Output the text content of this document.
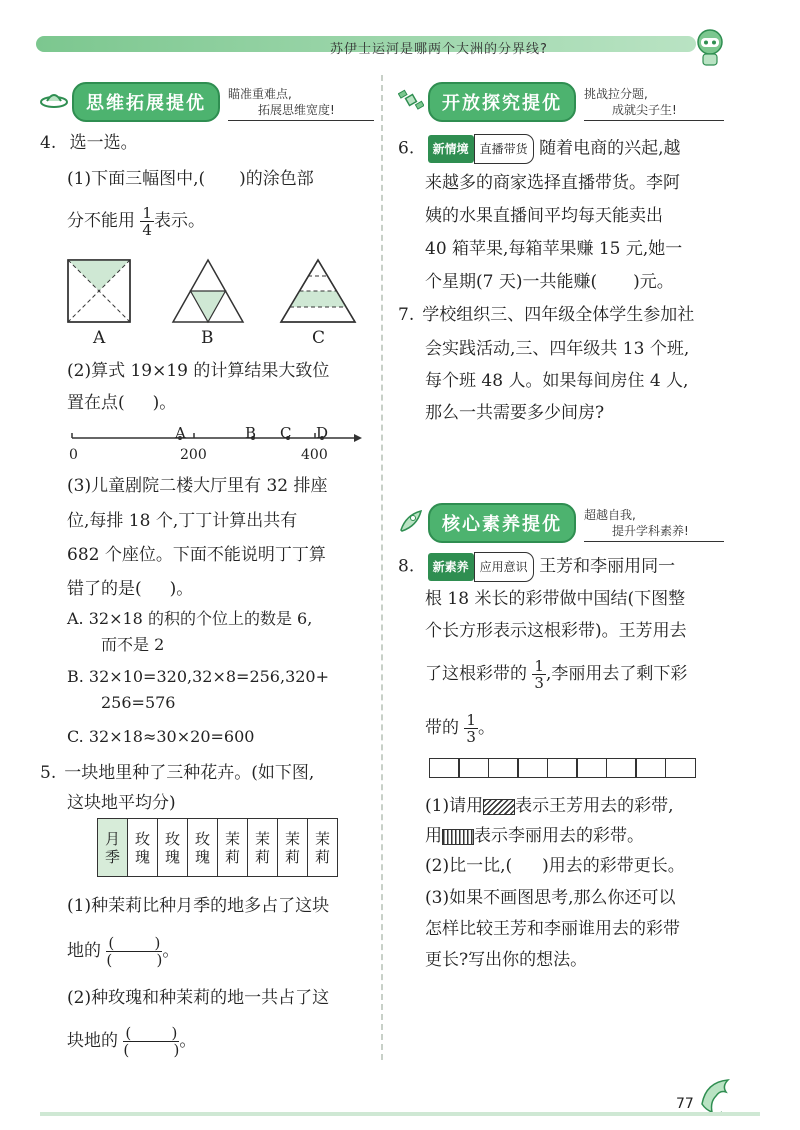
苏伊士运河是哪两个大洲的分界线?
思维拓展提优	瞄准重难点,
拓展思维宽度!
4. 选一选。
(1)下面三幅图中,( )的涂色部
分不能用 $\frac{1}{4}$ 表示。
A	B	C
(2)算式 19×19 的计算结果大致位
置在点( )。
A	B C D
0	200	400
(3)儿童剧院二楼大厅里有 32 排座
位,每排 18 个,丁丁计算出共有
682 个座位。下面不能说明丁丁算
错了的是( )。
A. 32×18 的积的个位上的数是 6,
而不是 2
B. 32×10=320,32×8=256,320+
256=576
C. 32×18≈30×20=600
5. 一块地里种了三种花卉。(如下图,
这块地平均分)
月季	玫瑰	玫瑰	玫瑰	茉莉	茉莉	茉莉	茉莉
(1)种茉莉比种月季的地多占了这块
地的 (	)
(	) 。
(2)种玫瑰和种茉莉的地一共占了这
块地的 (	)
(	) 。
开放探究提优	挑战拉分题,
成就尖子生!
6. 新情境 直播带货 随着电商的兴起,越
来越多的商家选择直播带货。李阿
姨的水果直播间平均每天能卖出
40 箱苹果,每箱苹果赚 15 元,她一
个星期(7 天)一共能赚( )元。
7. 学校组织三、四年级全体学生参加社
会实践活动,三、四年级共 13 个班,
每个班 48 人。如果每间房住 4 人,
那么一共需要多少间房?
核心素养提优	超越自我,
提升学科素养!
8. 新素养 应用意识 王芳和李丽用同一
根 18 米长的彩带做中国结(下图整
个长方形表示这根彩带)。王芳用去
了这根彩带的 $\frac{1}{3}$ ,李丽用去了剩下彩
带的 $\frac{1}{3}$ 。
(1)请用 表示王芳用去的彩带,
用 表示李丽用去的彩带。
(2)比一比,( )用去的彩带更长。
(3)如果不画图思考,那么你还可以
怎样比较王芳和李丽谁用去的彩带
更长?写出你的想法。
77
